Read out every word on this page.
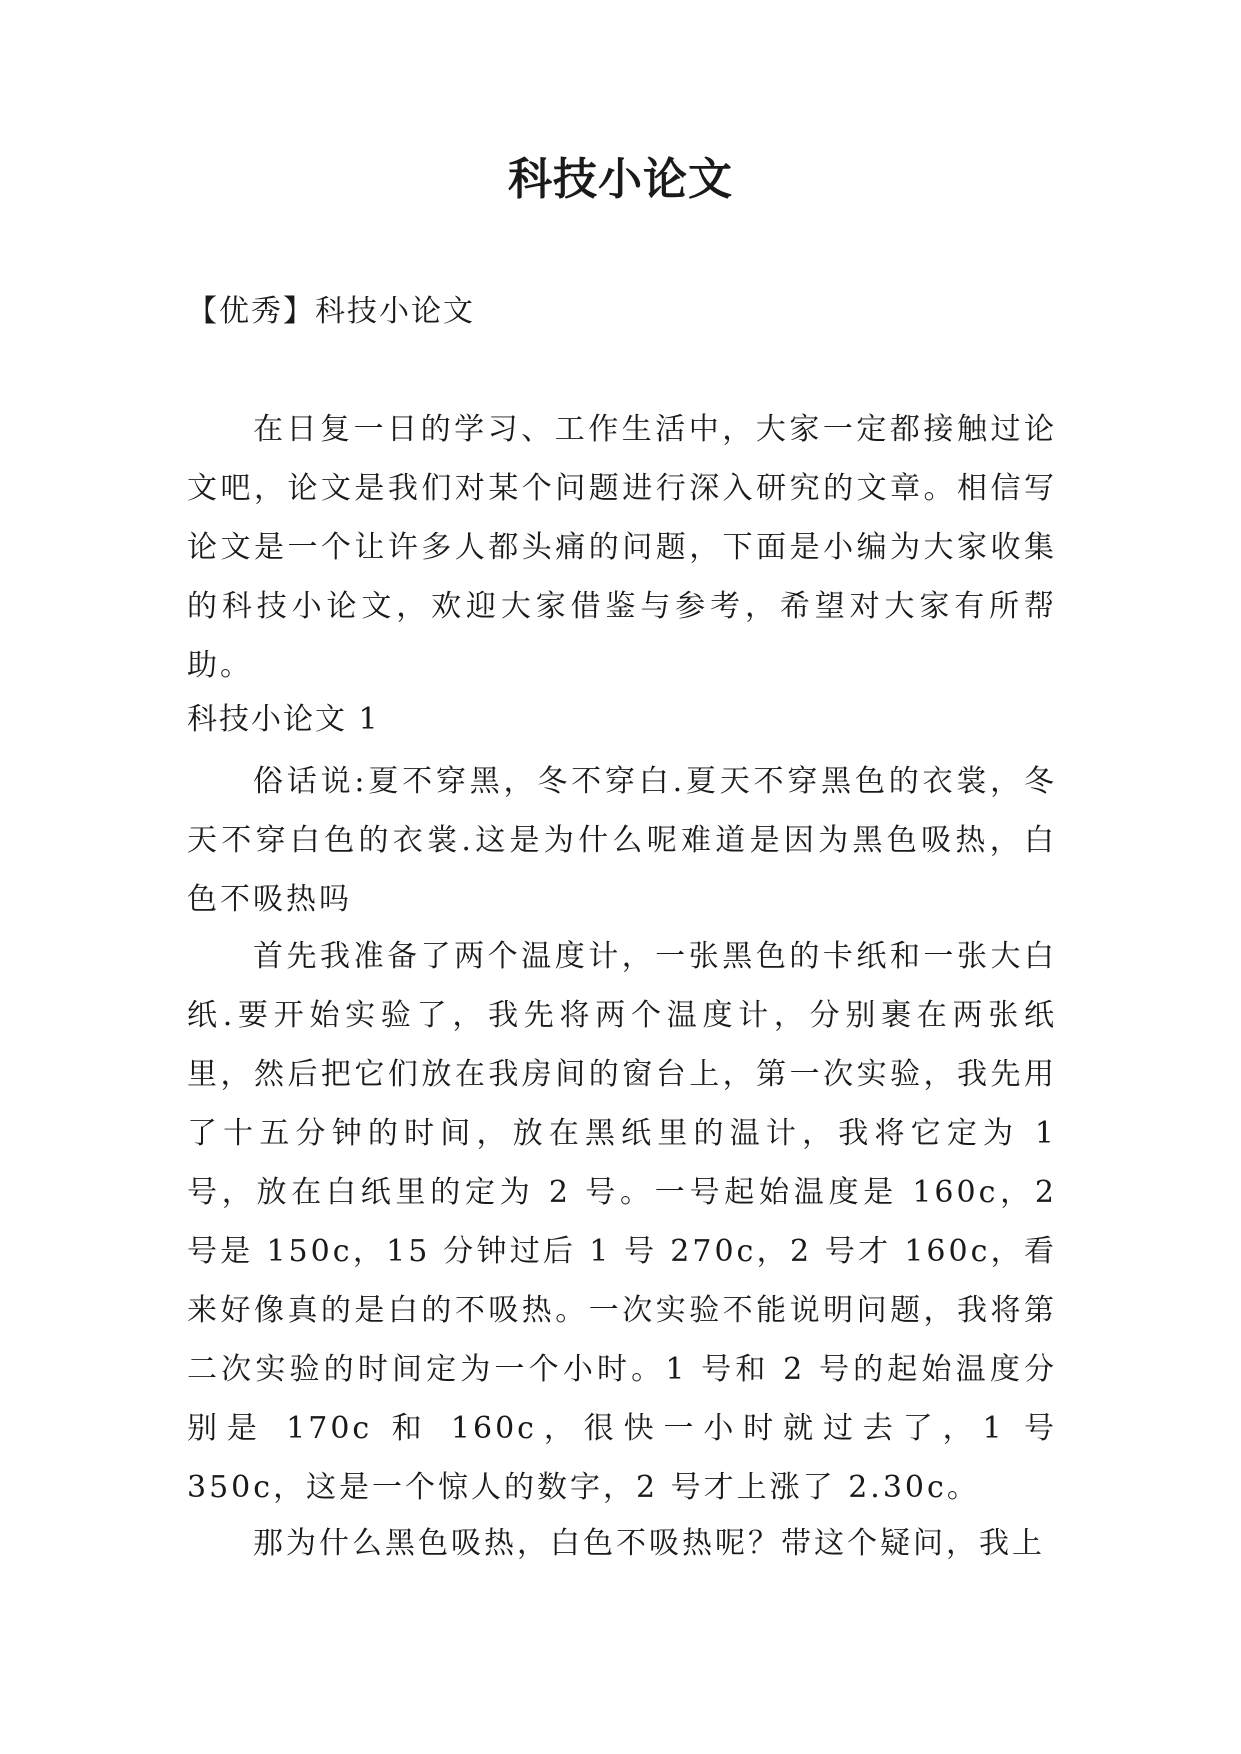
科技小论文

【优秀】科技小论文

在日复一日的学习、工作生活中，大家一定都接触过论文吧，论文是我们对某个问题进行深入研究的文章。相信写论文是一个让许多人都头痛的问题，下面是小编为大家收集的科技小论文，欢迎大家借鉴与参考，希望对大家有所帮助。

科技小论文 1

俗话说:夏不穿黑，冬不穿白.夏天不穿黑色的衣裳，冬天不穿白色的衣裳.这是为什么呢难道是因为黑色吸热，白色不吸热吗

首先我准备了两个温度计，一张黑色的卡纸和一张大白纸.要开始实验了，我先将两个温度计，分别裹在两张纸里，然后把它们放在我房间的窗台上，第一次实验，我先用了十五分钟的时间，放在黑纸里的温计，我将它定为 1 号，放在白纸里的定为 2 号。一号起始温度是 160c，2 号是 150c，15 分钟过后 1 号 270c，2 号才 160c，看来好像真的是白的不吸热。一次实验不能说明问题，我将第二次实验的时间定为一个小时。1 号和 2 号的起始温度分别是 170c 和 160c，很快一小时就过去了，1 号 350c，这是一个惊人的数字，2 号才上涨了 2.30c。

那为什么黑色吸热，白色不吸热呢？带这个疑问，我上
